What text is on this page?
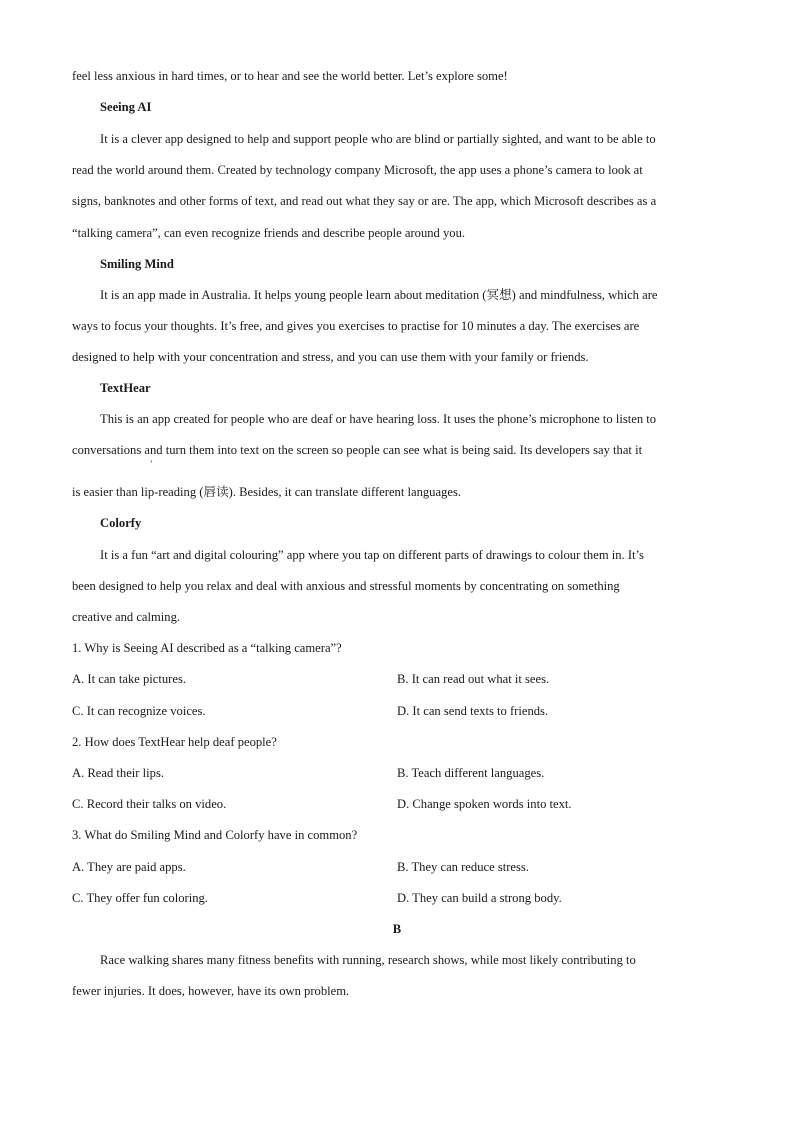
feel less anxious in hard times, or to hear and see the world better. Let’s explore some!
Seeing AI
It is a clever app designed to help and support people who are blind or partially sighted, and want to be able to
read the world around them. Created by technology company Microsoft, the app uses a phone’s camera to look at
signs, banknotes and other forms of text, and read out what they say or are. The app, which Microsoft describes as a
“talking camera”, can even recognize friends and describe people around you.
Smiling Mind
It is an app made in Australia. It helps young people learn about meditation (冥想) and mindfulness, which are
ways to focus your thoughts. It’s free, and gives you exercises to practise for 10 minutes a day. The exercises are
designed to help with your concentration and stress, and you can use them with your family or friends.
TextHear
This is an app created for people who are deaf or have hearing loss. It uses the phone’s microphone to listen to
conversations and turn them into text on the screen so people can see what is being said. Its developers say that it
’
is easier than lip-reading (唇读). Besides, it can translate different languages.
Colorfy
It is a fun “art and digital colouring” app where you tap on different parts of drawings to colour them in. It’s
been designed to help you relax and deal with anxious and stressful moments by concentrating on something
creative and calming.
1. Why is Seeing AI described as a “talking camera”?
A. It can take pictures.	B. It can read out what it sees.
C. It can recognize voices.	D. It can send texts to friends.
2. How does TextHear help deaf people?
A. Read their lips.	B. Teach different languages.
C. Record their talks on video.	D. Change spoken words into text.
3. What do Smiling Mind and Colorfy have in common?
A. They are paid apps.	B. They can reduce stress.
C. They offer fun coloring.	D. They can build a strong body.
B
Race walking shares many fitness benefits with running, research shows, while most likely contributing to
fewer injuries. It does, however, have its own problem.
